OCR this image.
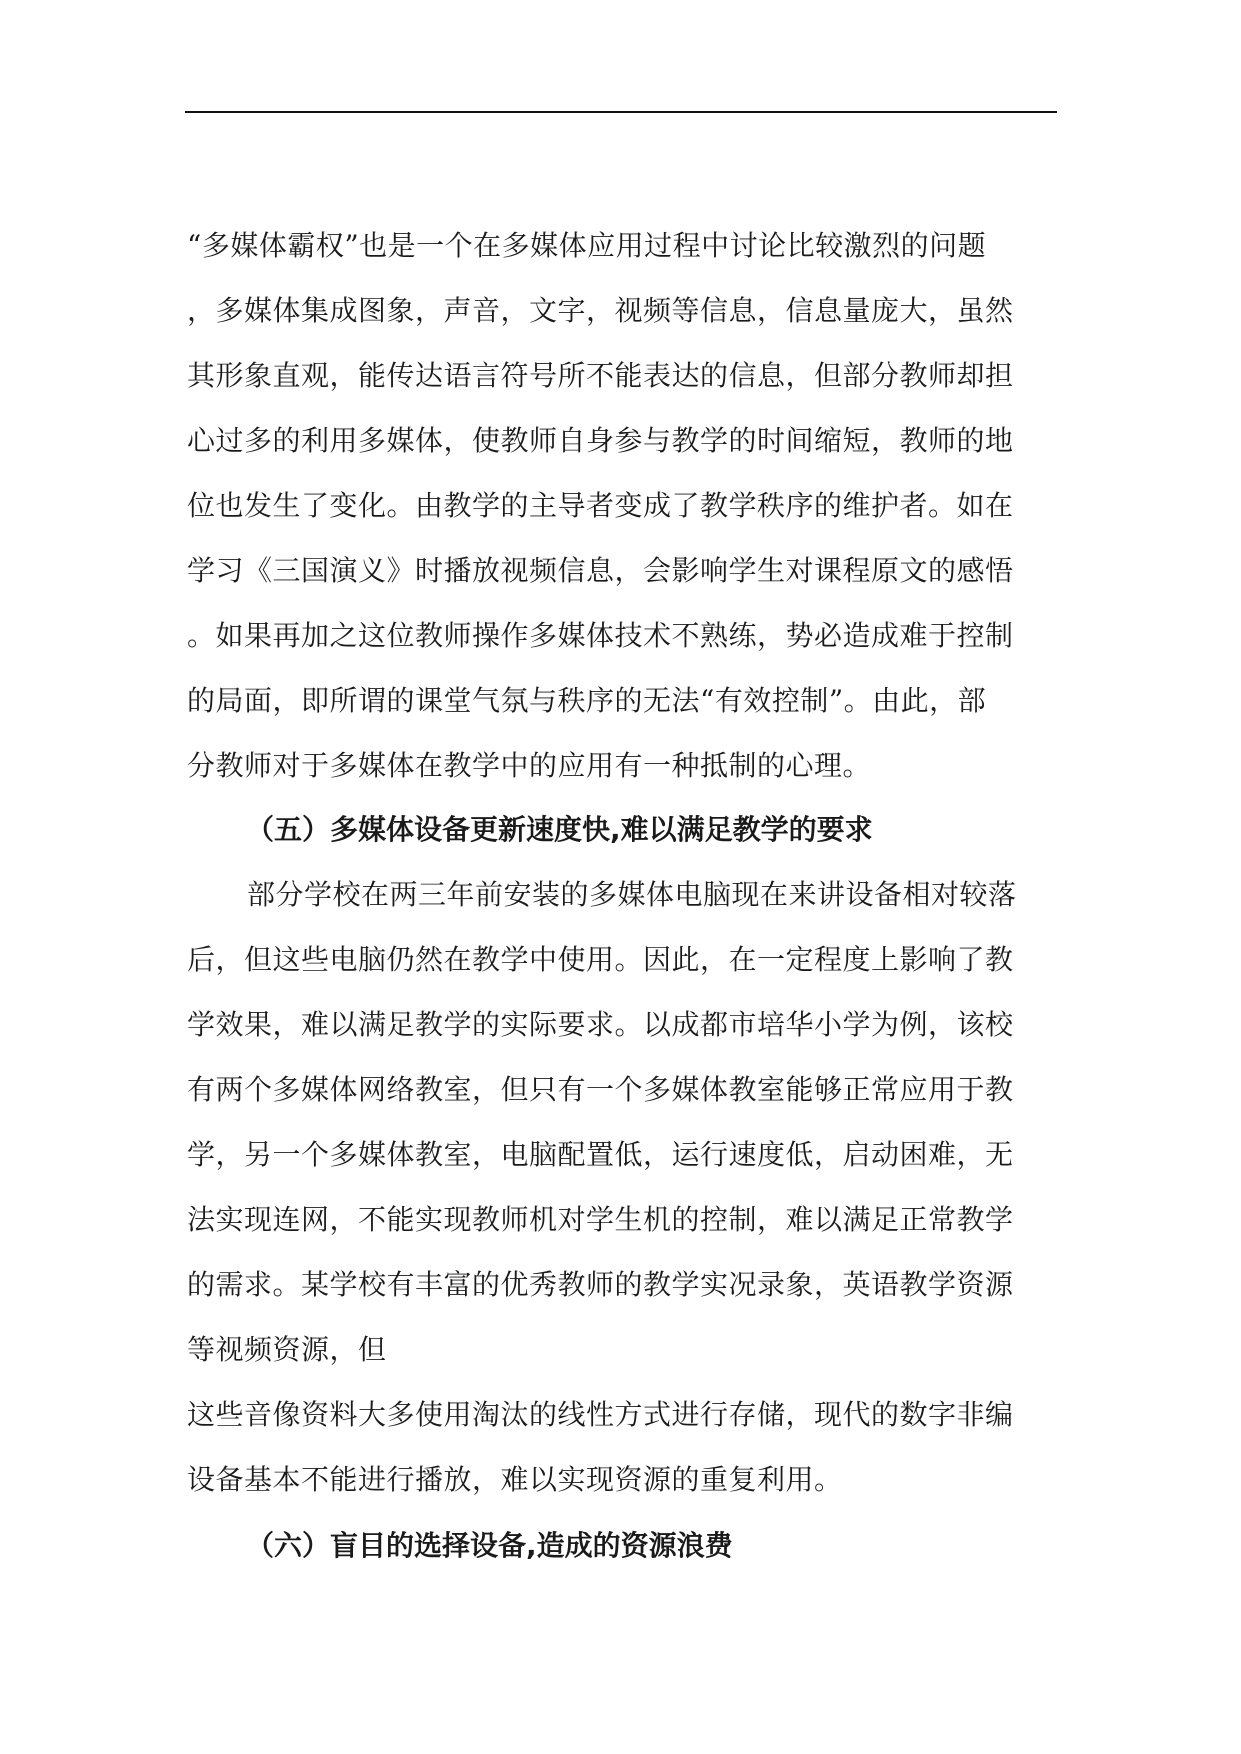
“多媒体霸权”也是一个在多媒体应用过程中讨论比较激烈的问题
，多媒体集成图象，声音，文字，视频等信息，信息量庞大，虽然
其形象直观，能传达语言符号所不能表达的信息，但部分教师却担
心过多的利用多媒体，使教师自身参与教学的时间缩短，教师的地
位也发生了变化。由教学的主导者变成了教学秩序的维护者。如在
学习《三国演义》时播放视频信息，会影响学生对课程原文的感悟
。如果再加之这位教师操作多媒体技术不熟练，势必造成难于控制
的局面，即所谓的课堂气氛与秩序的无法“有效控制”。由此，部
分教师对于多媒体在教学中的应用有一种抵制的心理。
（五）多媒体设备更新速度快,难以满足教学的要求
部分学校在两三年前安装的多媒体电脑现在来讲设备相对较落
后，但这些电脑仍然在教学中使用。因此，在一定程度上影响了教
学效果，难以满足教学的实际要求。以成都市培华小学为例，该校
有两个多媒体网络教室，但只有一个多媒体教室能够正常应用于教
学，另一个多媒体教室，电脑配置低，运行速度低，启动困难，无
法实现连网，不能实现教师机对学生机的控制，难以满足正常教学
的需求。某学校有丰富的优秀教师的教学实况录象，英语教学资源
等视频资源，但
这些音像资料大多使用淘汰的线性方式进行存储，现代的数字非编
设备基本不能进行播放，难以实现资源的重复利用。
（六）盲目的选择设备,造成的资源浪费
